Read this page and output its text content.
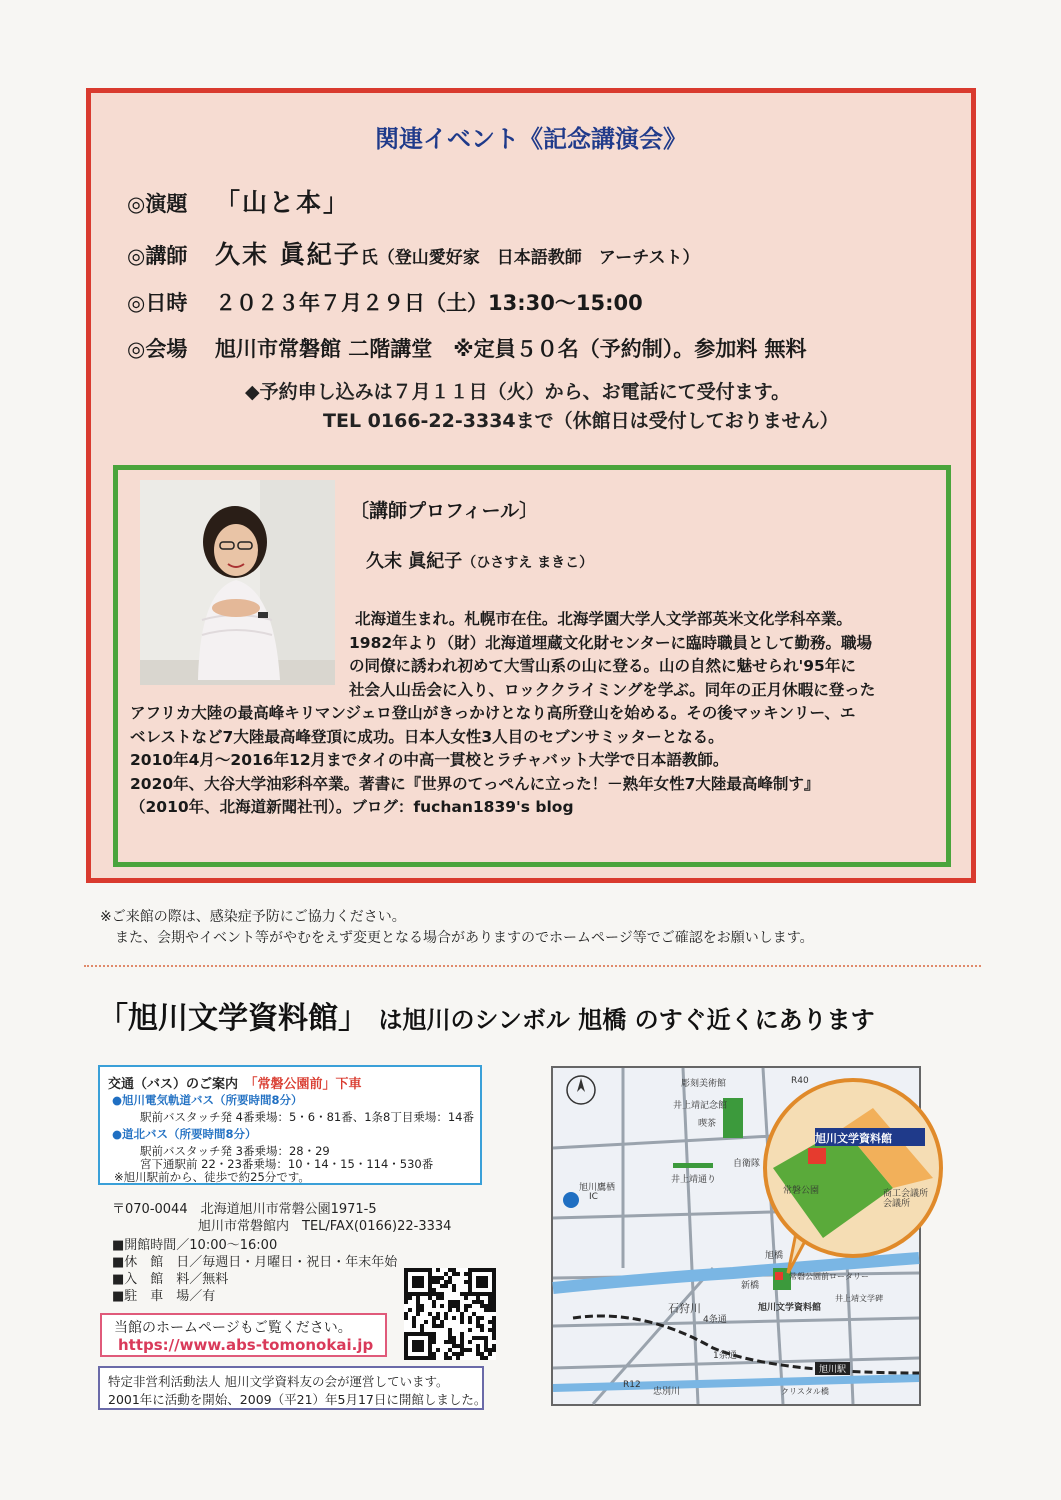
関連イベント《記念講演会》
◎演題 「山と本」
◎講師 久末 眞紀子氏（登山愛好家　日本語教師　アーチスト）
◎日時 ２０２３年７月２９日（土）13:30～15:00
◎会場 旭川市常磐館 二階講堂　※定員５０名（予約制）。参加料 無料
◆予約申し込みは７月１１日（火）から、お電話にて受付ます。
TEL 0166-22-3334まで（休館日は受付しておりません）
〔講師プロフィール〕
久末 眞紀子（ひさすえ まきこ）
北海道生まれ。札幌市在住。北海学園大学人文学部英米文化学科卒業。
1982年より（財）北海道埋蔵文化財センターに臨時職員として勤務。職場
の同僚に誘われ初めて大雪山系の山に登る。山の自然に魅せられ'95年に
社会人山岳会に入り、ロッククライミングを学ぶ。同年の正月休暇に登った
アフリカ大陸の最高峰キリマンジェロ登山がきっかけとなり高所登山を始める。その後マッキンリー、エ
ベレストなど7大陸最高峰登頂に成功。日本人女性3人目のセブンサミッターとなる。
2010年4月～2016年12月までタイの中高一貫校とラチャバット大学で日本語教師。
2020年、大谷大学油彩科卒業。著書に『世界のてっぺんに立った！－熟年女性7大陸最高峰制す』
（2010年、北海道新聞社刊）。ブログ：fuchan1839's blog
※ご来館の際は、感染症予防にご協力ください。
また、会期やイベント等がやむをえず変更となる場合がありますのでホームページ等でご確認をお願いします。
「旭川文学資料館」 は旭川のシンボル 旭橋 のすぐ近くにあります
交通（バス）のご案内　 「常磐公園前」下車
●旭川電気軌道バス（所要時間8分）
駅前バスタッチ発 4番乗場：5・6・81番、1条8丁目乗場：14番
●道北バス（所要時間8分）
駅前バスタッチ発 3番乗場：28・29
宮下通駅前 22・23番乗場：10・14・15・114・530番
※旭川駅前から、徒歩で約25分です。
〒070-0044　北海道旭川市常磐公園1971-5
旭川市常磐館内　TEL/FAX(0166)22-3334
■開館時間／10:00～16:00
■休　館　日／毎週日・月曜日・祝日・年末年始
■入　館　料／無料
■駐　車　場／有
当館のホームページもご覧ください。
https://www.abs-tomonokai.jp
特定非営利活動法人 旭川文学資料友の会が運営しています。
2001年に活動を開始、2009（平21）年5月17日に開館しました。
旭川文学資料館
彫刻美術館
井上靖記念館
喫茶
旭川鷹栖
IC
自衛隊
井上靖通り
常磐公園
旭橋
新橋
石狩川	旭川文学資料館
常磐公園前ロータリー
井上靖文学碑
4条通
1条通
忠別川
旭川駅
クリスタル橋
R40
R12
商工会議所
会議所
